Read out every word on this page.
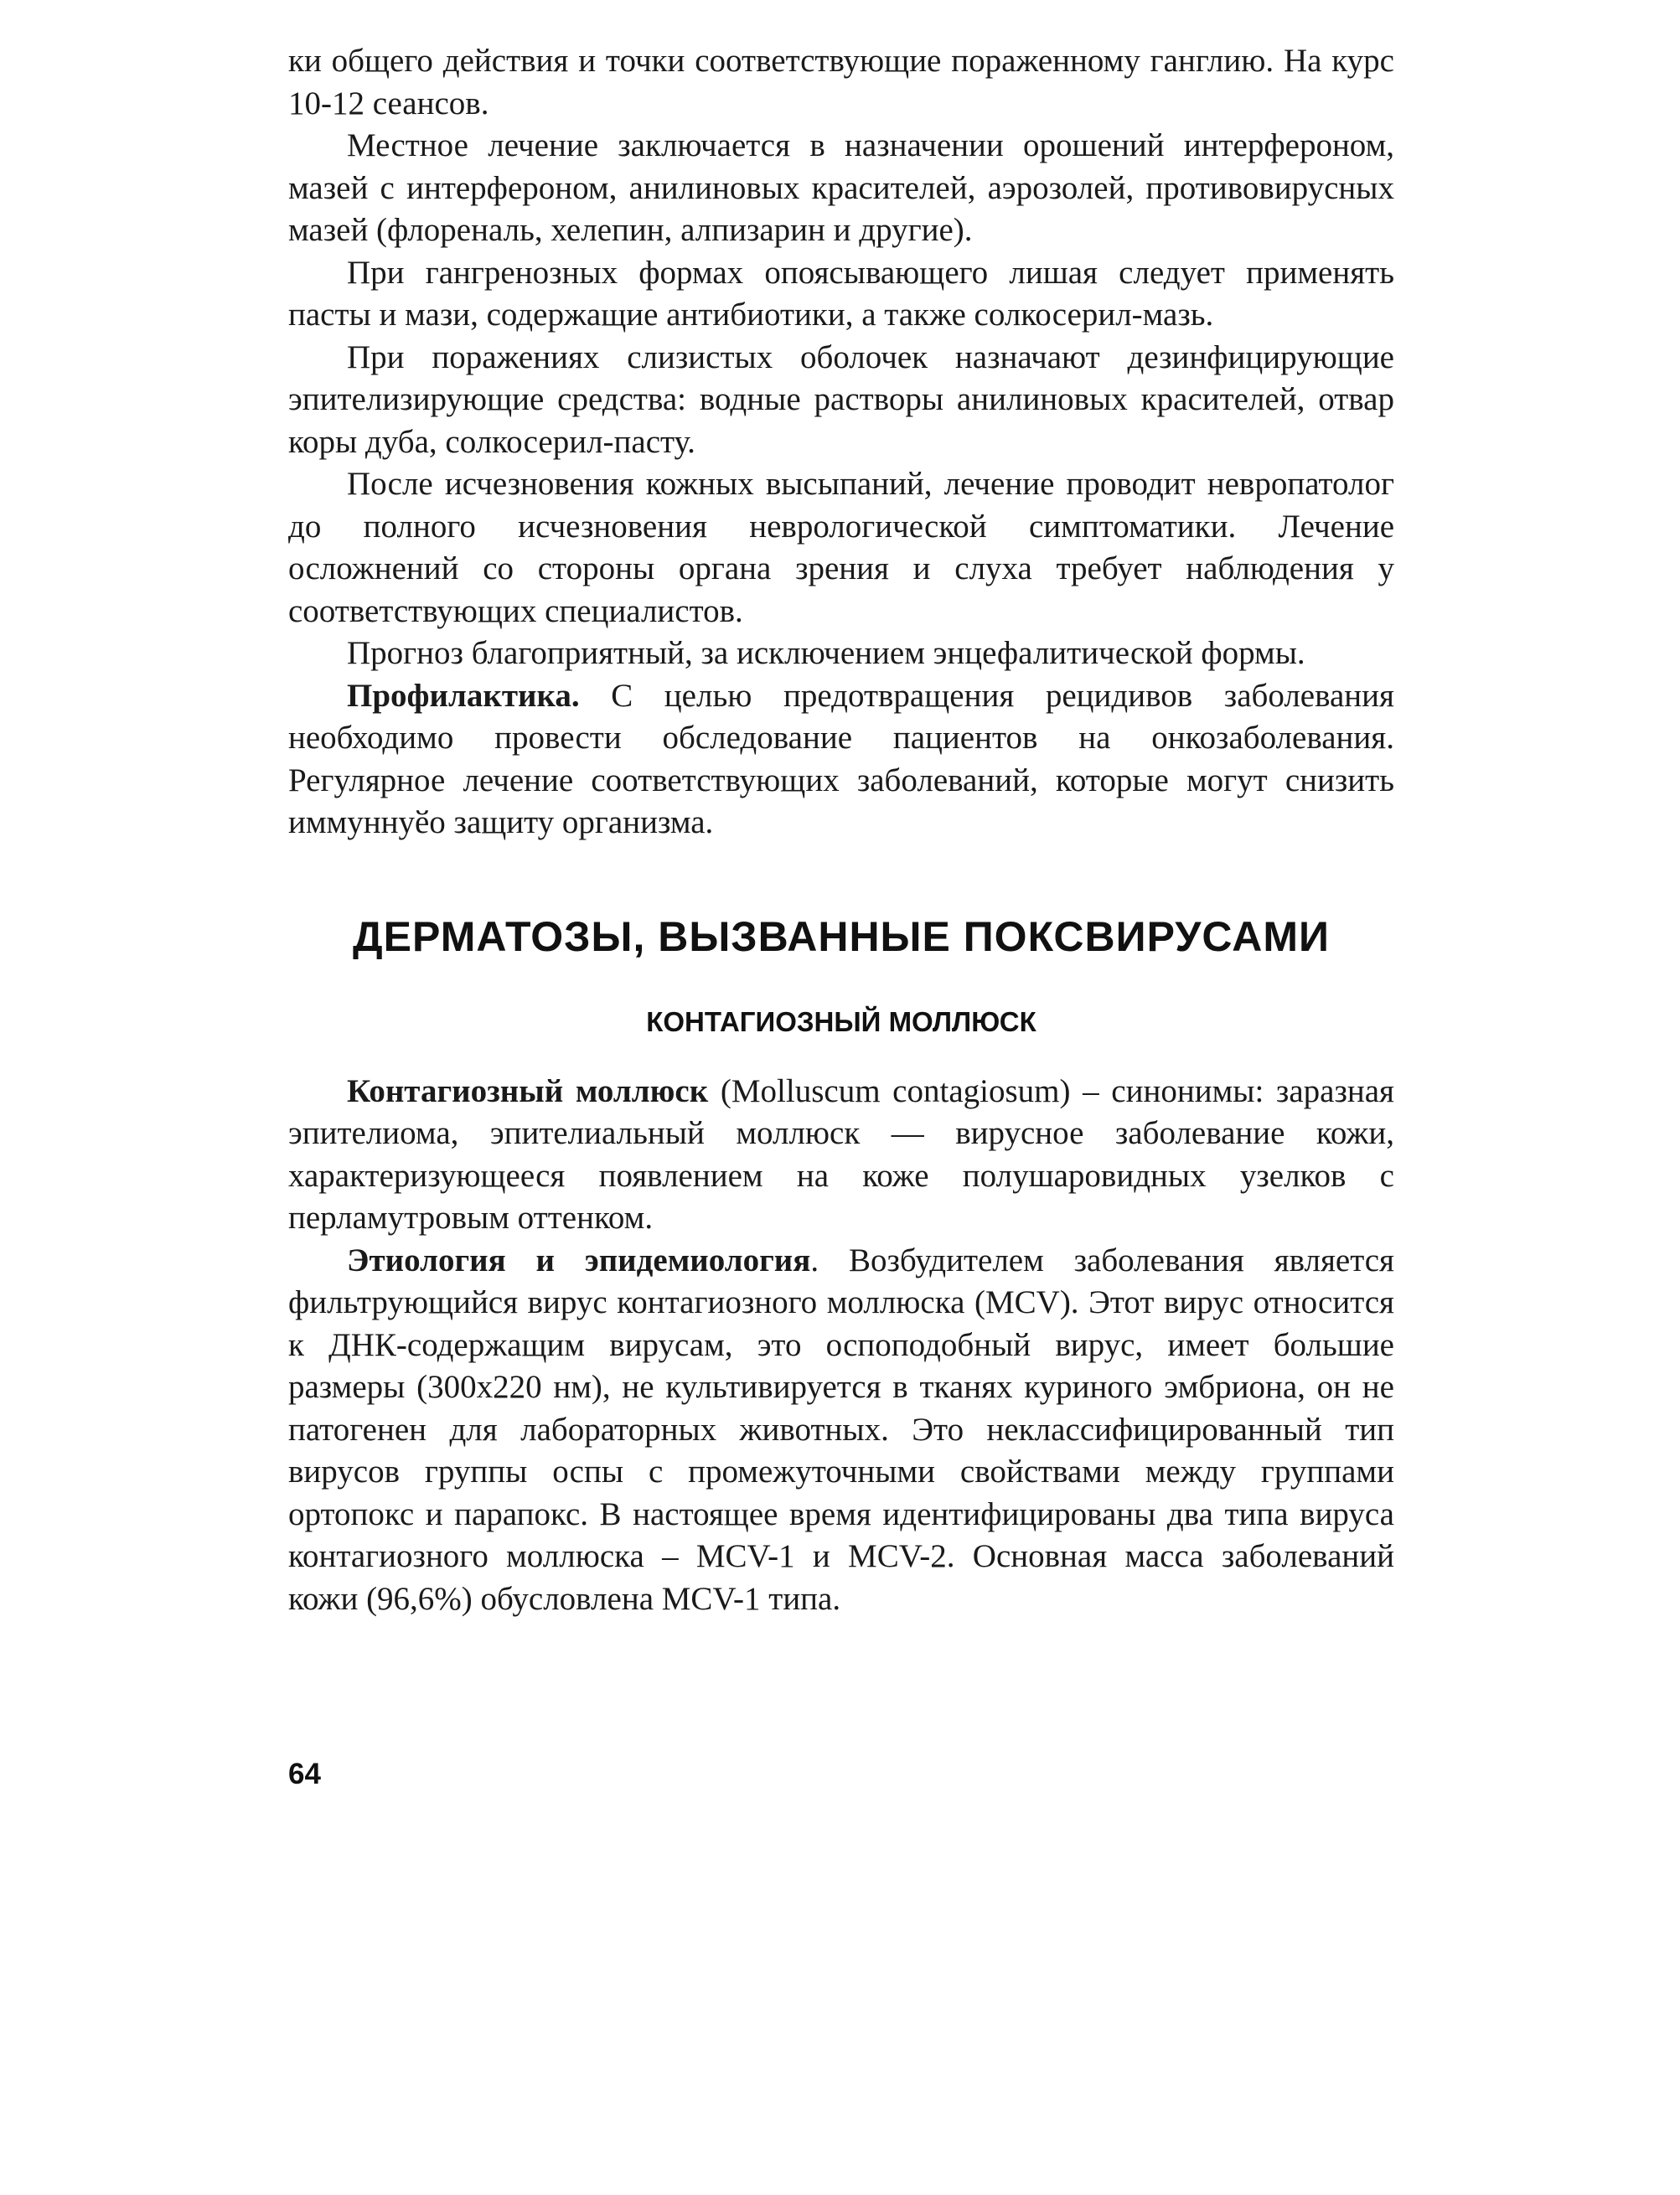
ки общего действия и точки соответствующие пораженному ганглию. На курс 10-12 сеансов.

Местное лечение заключается в назначении орошений интерфероном, мазей с интерфероном, анилиновых красителей, аэрозолей, противовирусных мазей (флореналь, хелепин, алпизарин и другие).

При гангренозных формах опоясывающего лишая следует применять пасты и мази, содержащие антибиотики, а также солкосерил-мазь.

При поражениях слизистых оболочек назначают дезинфицирующие эпителизирующие средства: водные растворы анилиновых красителей, отвар коры дуба, солкосерил-пасту.

После исчезновения кожных высыпаний, лечение проводит невропатолог до полного исчезновения неврологической симптоматики. Лечение осложнений со стороны органа зрения и слуха требует наблюдения у соответствующих специалистов.

Прогноз благоприятный, за исключением энцефалитической формы.

Профилактика. С целью предотвращения рецидивов заболевания необходимо провести обследование пациентов на онкозаболевания. Регулярное лечение соответствующих заболеваний, которые могут снизить иммуннуӗо защиту организма.

ДЕРМАТОЗЫ, ВЫЗВАННЫЕ ПОКСВИРУСАМИ
КОНТАГИОЗНЫЙ МОЛЛЮСК

Контагиозный моллюск (Molluscum contagiosum) – синонимы: заразная эпителиома, эпителиальный моллюск — вирусное заболевание кожи, характеризующееся появлением на коже полушаровидных узелков с перламутровым оттенком.

Этиология и эпидемиология. Возбудителем заболевания является фильтрующийся вирус контагиозного моллюска (MCV). Этот вирус относится к ДНК-содержащим вирусам, это оспоподобный вирус, имеет большие размеры (300х220 нм), не культивируется в тканях куриного эмбриона, он не патогенен для лабораторных животных. Это неклассифицированный тип вирусов группы оспы с промежуточными свойствами между группами ортопокс и парапокс. В настоящее время идентифицированы два типа вируса контагиозного моллюска – MCV-1 и MCV-2. Основная масса заболеваний кожи (96,6%) обусловлена MCV-1 типа.

64
